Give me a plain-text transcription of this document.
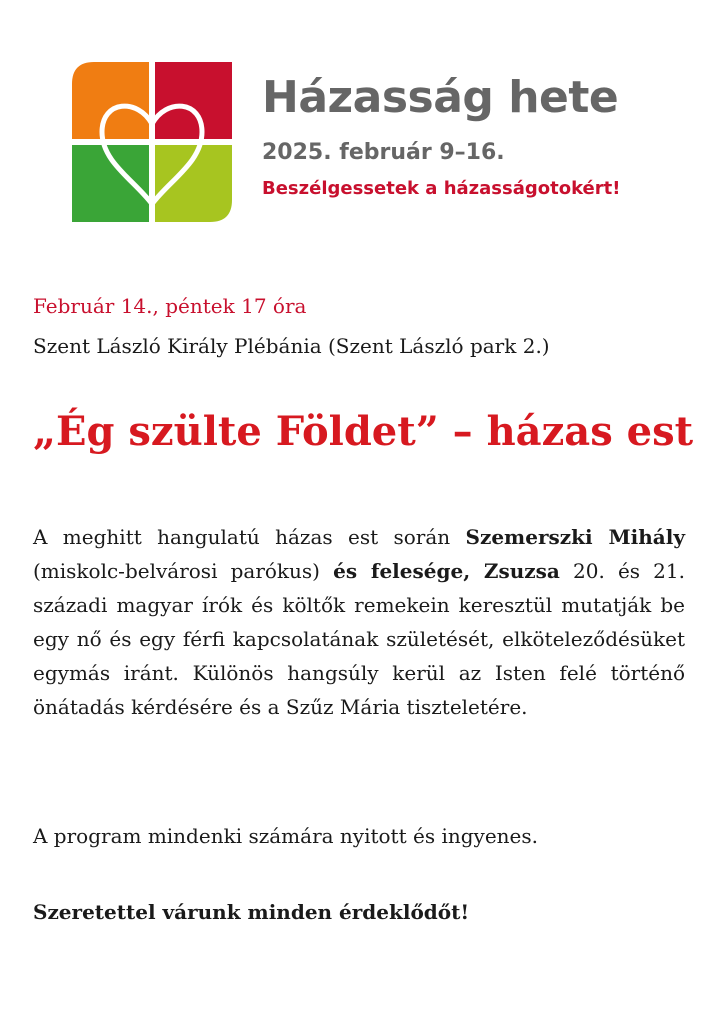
Házasság hete
2025. február 9–16.
Beszélgessetek a házasságotokért!
Február 14., péntek 17 óra
Szent László Király Plébánia (Szent László park 2.)
„Ég szülte Földet” – házas est

A meghitt hangulatú házas est során Szemerszki Mihály (miskolc-belvárosi parókus) és felesége, Zsuzsa 20. és 21. századi magyar írók és költők remekein keresztül mutatják be egy nő és egy férfi kapcsolatának születését, elköteleződésüket egymás iránt. Különös hangsúly kerül az Isten felé történő önátadás kérdésére és a Szűz Mária tiszteletére.

A program mindenki számára nyitott és ingyenes.

Szeretettel várunk minden érdeklődőt!
